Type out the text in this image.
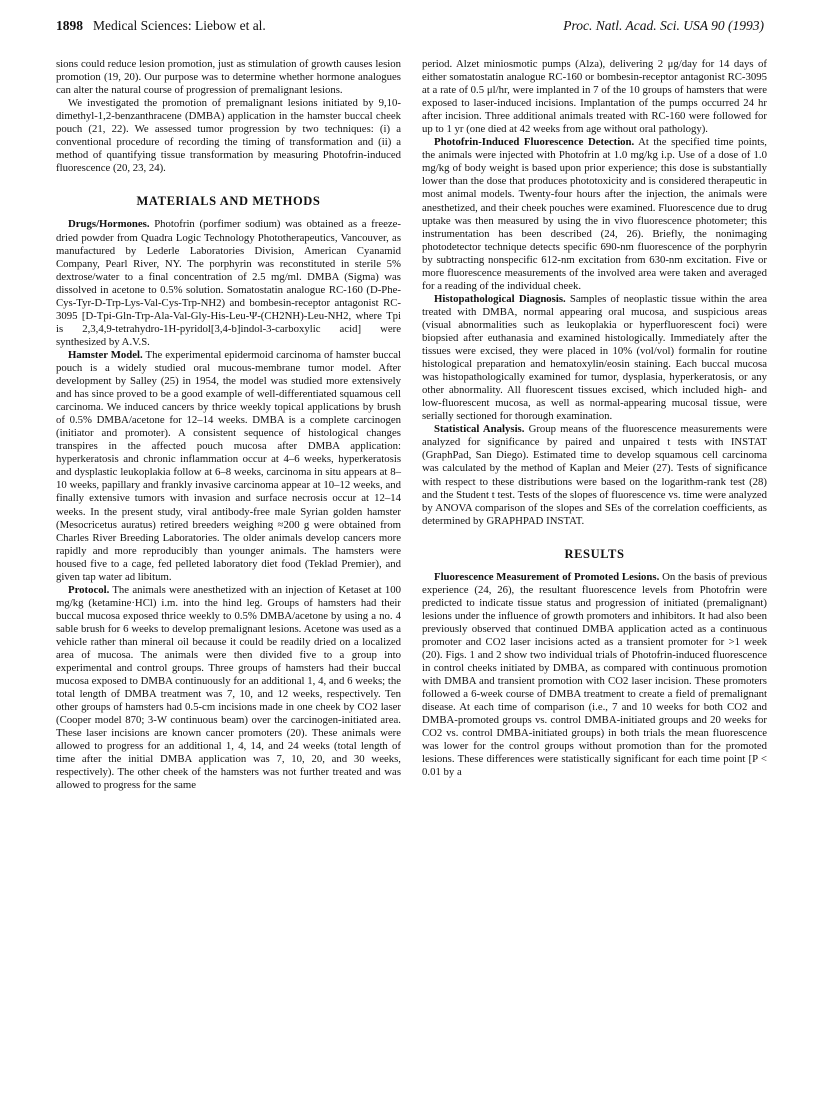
1898 Medical Sciences: Liebow et al.	Proc. Natl. Acad. Sci. USA 90 (1993)

sions could reduce lesion promotion, just as stimulation of growth causes lesion promotion (19, 20). Our purpose was to determine whether hormone analogues can alter the natural course of progression of premalignant lesions.

We investigated the promotion of premalignant lesions initiated by 9,10-dimethyl-1,2-benzanthracene (DMBA) application in the hamster buccal cheek pouch (21, 22). We assessed tumor progression by two techniques: (i) a conventional procedure of recording the timing of transformation and (ii) a method of quantifying tissue transformation by measuring Photofrin-induced fluorescence (20, 23, 24).

MATERIALS AND METHODS

Drugs/Hormones. Photofrin (porfimer sodium) was obtained as a freeze-dried powder from Quadra Logic Technology Phototherapeutics, Vancouver, as manufactured by Lederle Laboratories Division, American Cyanamid Company, Pearl River, NY. The porphyrin was reconstituted in sterile 5% dextrose/water to a final concentration of 2.5 mg/ml. DMBA (Sigma) was dissolved in acetone to 0.5% solution. Somatostatin analogue RC-160 (D-Phe-Cys-Tyr-D-Trp-Lys-Val-Cys-Trp-NH2) and bombesin-receptor antagonist RC-3095 [D-Tpi-Gln-Trp-Ala-Val-Gly-His-Leu-Ψ-(CH2NH)-Leu-NH2, where Tpi is 2,3,4,9-tetrahydro-1H-pyridol[3,4-b]indol-3-carboxylic acid] were synthesized by A.V.S.

Hamster Model. The experimental epidermoid carcinoma of hamster buccal pouch is a widely studied oral mucous-membrane tumor model. After development by Salley (25) in 1954, the model was studied more extensively and has since proved to be a good example of well-differentiated squamous cell carcinoma. We induced cancers by thrice weekly topical applications by brush of 0.5% DMBA/acetone for 12–14 weeks. DMBA is a complete carcinogen (initiator and promoter). A consistent sequence of histological changes transpires in the affected pouch mucosa after DMBA application: hyperkeratosis and chronic inflammation occur at 4–6 weeks, hyperkeratosis and dysplastic leukoplakia follow at 6–8 weeks, carcinoma in situ appears at 8–10 weeks, papillary and frankly invasive carcinoma appear at 10–12 weeks, and finally extensive tumors with invasion and surface necrosis occur at 12–14 weeks. In the present study, viral antibody-free male Syrian golden hamster (Mesocricetus auratus) retired breeders weighing ≈200 g were obtained from Charles River Breeding Laboratories. The older animals develop cancers more rapidly and more reproducibly than younger animals. The hamsters were housed five to a cage, fed pelleted laboratory diet food (Teklad Premier), and given tap water ad libitum.

Protocol. The animals were anesthetized with an injection of Ketaset at 100 mg/kg (ketamine·HCl) i.m. into the hind leg. Groups of hamsters had their buccal mucosa exposed thrice weekly to 0.5% DMBA/acetone by using a no. 4 sable brush for 6 weeks to develop premalignant lesions. Acetone was used as a vehicle rather than mineral oil because it could be readily dried on a localized area of mucosa. The animals were then divided five to a group into experimental and control groups. Three groups of hamsters had their buccal mucosa exposed to DMBA continuously for an additional 1, 4, and 6 weeks; the total length of DMBA treatment was 7, 10, and 12 weeks, respectively. Ten other groups of hamsters had 0.5-cm incisions made in one cheek by CO2 laser (Cooper model 870; 3-W continuous beam) over the carcinogen-initiated area. These laser incisions are known cancer promoters (20). These animals were allowed to progress for an additional 1, 4, 14, and 24 weeks (total length of time after the initial DMBA application was 7, 10, 20, and 30 weeks, respectively). The other cheek of the hamsters was not further treated and was allowed to progress for the same

period. Alzet miniosmotic pumps (Alza), delivering 2 μg/day for 14 days of either somatostatin analogue RC-160 or bombesin-receptor antagonist RC-3095 at a rate of 0.5 μl/hr, were implanted in 7 of the 10 groups of hamsters that were exposed to laser-induced incisions. Implantation of the pumps occurred 24 hr after incision. Three additional animals treated with RC-160 were followed for up to 1 yr (one died at 42 weeks from age without oral pathology).

Photofrin-Induced Fluorescence Detection. At the specified time points, the animals were injected with Photofrin at 1.0 mg/kg i.p. Use of a dose of 1.0 mg/kg of body weight is based upon prior experience; this dose is substantially lower than the dose that produces phototoxicity and is considered therapeutic in most animal models. Twenty-four hours after the injection, the animals were anesthetized, and their cheek pouches were examined. Fluorescence due to drug uptake was then measured by using the in vivo fluorescence photometer; this instrumentation has been described (24, 26). Briefly, the nonimaging photodetector technique detects specific 690-nm fluorescence of the porphyrin by subtracting nonspecific 612-nm excitation from 630-nm excitation. Five or more fluorescence measurements of the involved area were taken and averaged for a reading of the individual cheek.

Histopathological Diagnosis. Samples of neoplastic tissue within the area treated with DMBA, normal appearing oral mucosa, and suspicious areas (visual abnormalities such as leukoplakia or hyperfluorescent foci) were biopsied after euthanasia and examined histologically. Immediately after the tissues were excised, they were placed in 10% (vol/vol) formalin for routine histological preparation and hematoxylin/eosin staining. Each buccal mucosa was histopathologically examined for tumor, dysplasia, hyperkeratosis, or any other abnormality. All fluorescent tissues excised, which included high- and low-fluorescent mucosa, as well as normal-appearing mucosal tissue, were serially sectioned for thorough examination.

Statistical Analysis. Group means of the fluorescence measurements were analyzed for significance by paired and unpaired t tests with INSTAT (GraphPad, San Diego). Estimated time to develop squamous cell carcinoma was calculated by the method of Kaplan and Meier (27). Tests of significance with respect to these distributions were based on the logarithm-rank test (28) and the Student t test. Tests of the slopes of fluorescence vs. time were analyzed by ANOVA comparison of the slopes and SEs of the correlation coefficients, as determined by GRAPHPAD INSTAT.

RESULTS

Fluorescence Measurement of Promoted Lesions. On the basis of previous experience (24, 26), the resultant fluorescence levels from Photofrin were predicted to indicate tissue status and progression of initiated (premalignant) lesions under the influence of growth promoters and inhibitors. It had also been previously observed that continued DMBA application acted as a continuous promoter and CO2 laser incisions acted as a transient promoter for >1 week (20). Figs. 1 and 2 show two individual trials of Photofrin-induced fluorescence in control cheeks initiated by DMBA, as compared with continuous promotion with DMBA and transient promotion with CO2 laser incision. These promoters followed a 6-week course of DMBA treatment to create a field of premalignant disease. At each time of comparison (i.e., 7 and 10 weeks for both CO2 and DMBA-promoted groups vs. control DMBA-initiated groups and 20 weeks for CO2 vs. control DMBA-initiated groups) in both trials the mean fluorescence was lower for the control groups without promotion than for the promoted lesions. These differences were statistically significant for each time point [P < 0.01 by a
